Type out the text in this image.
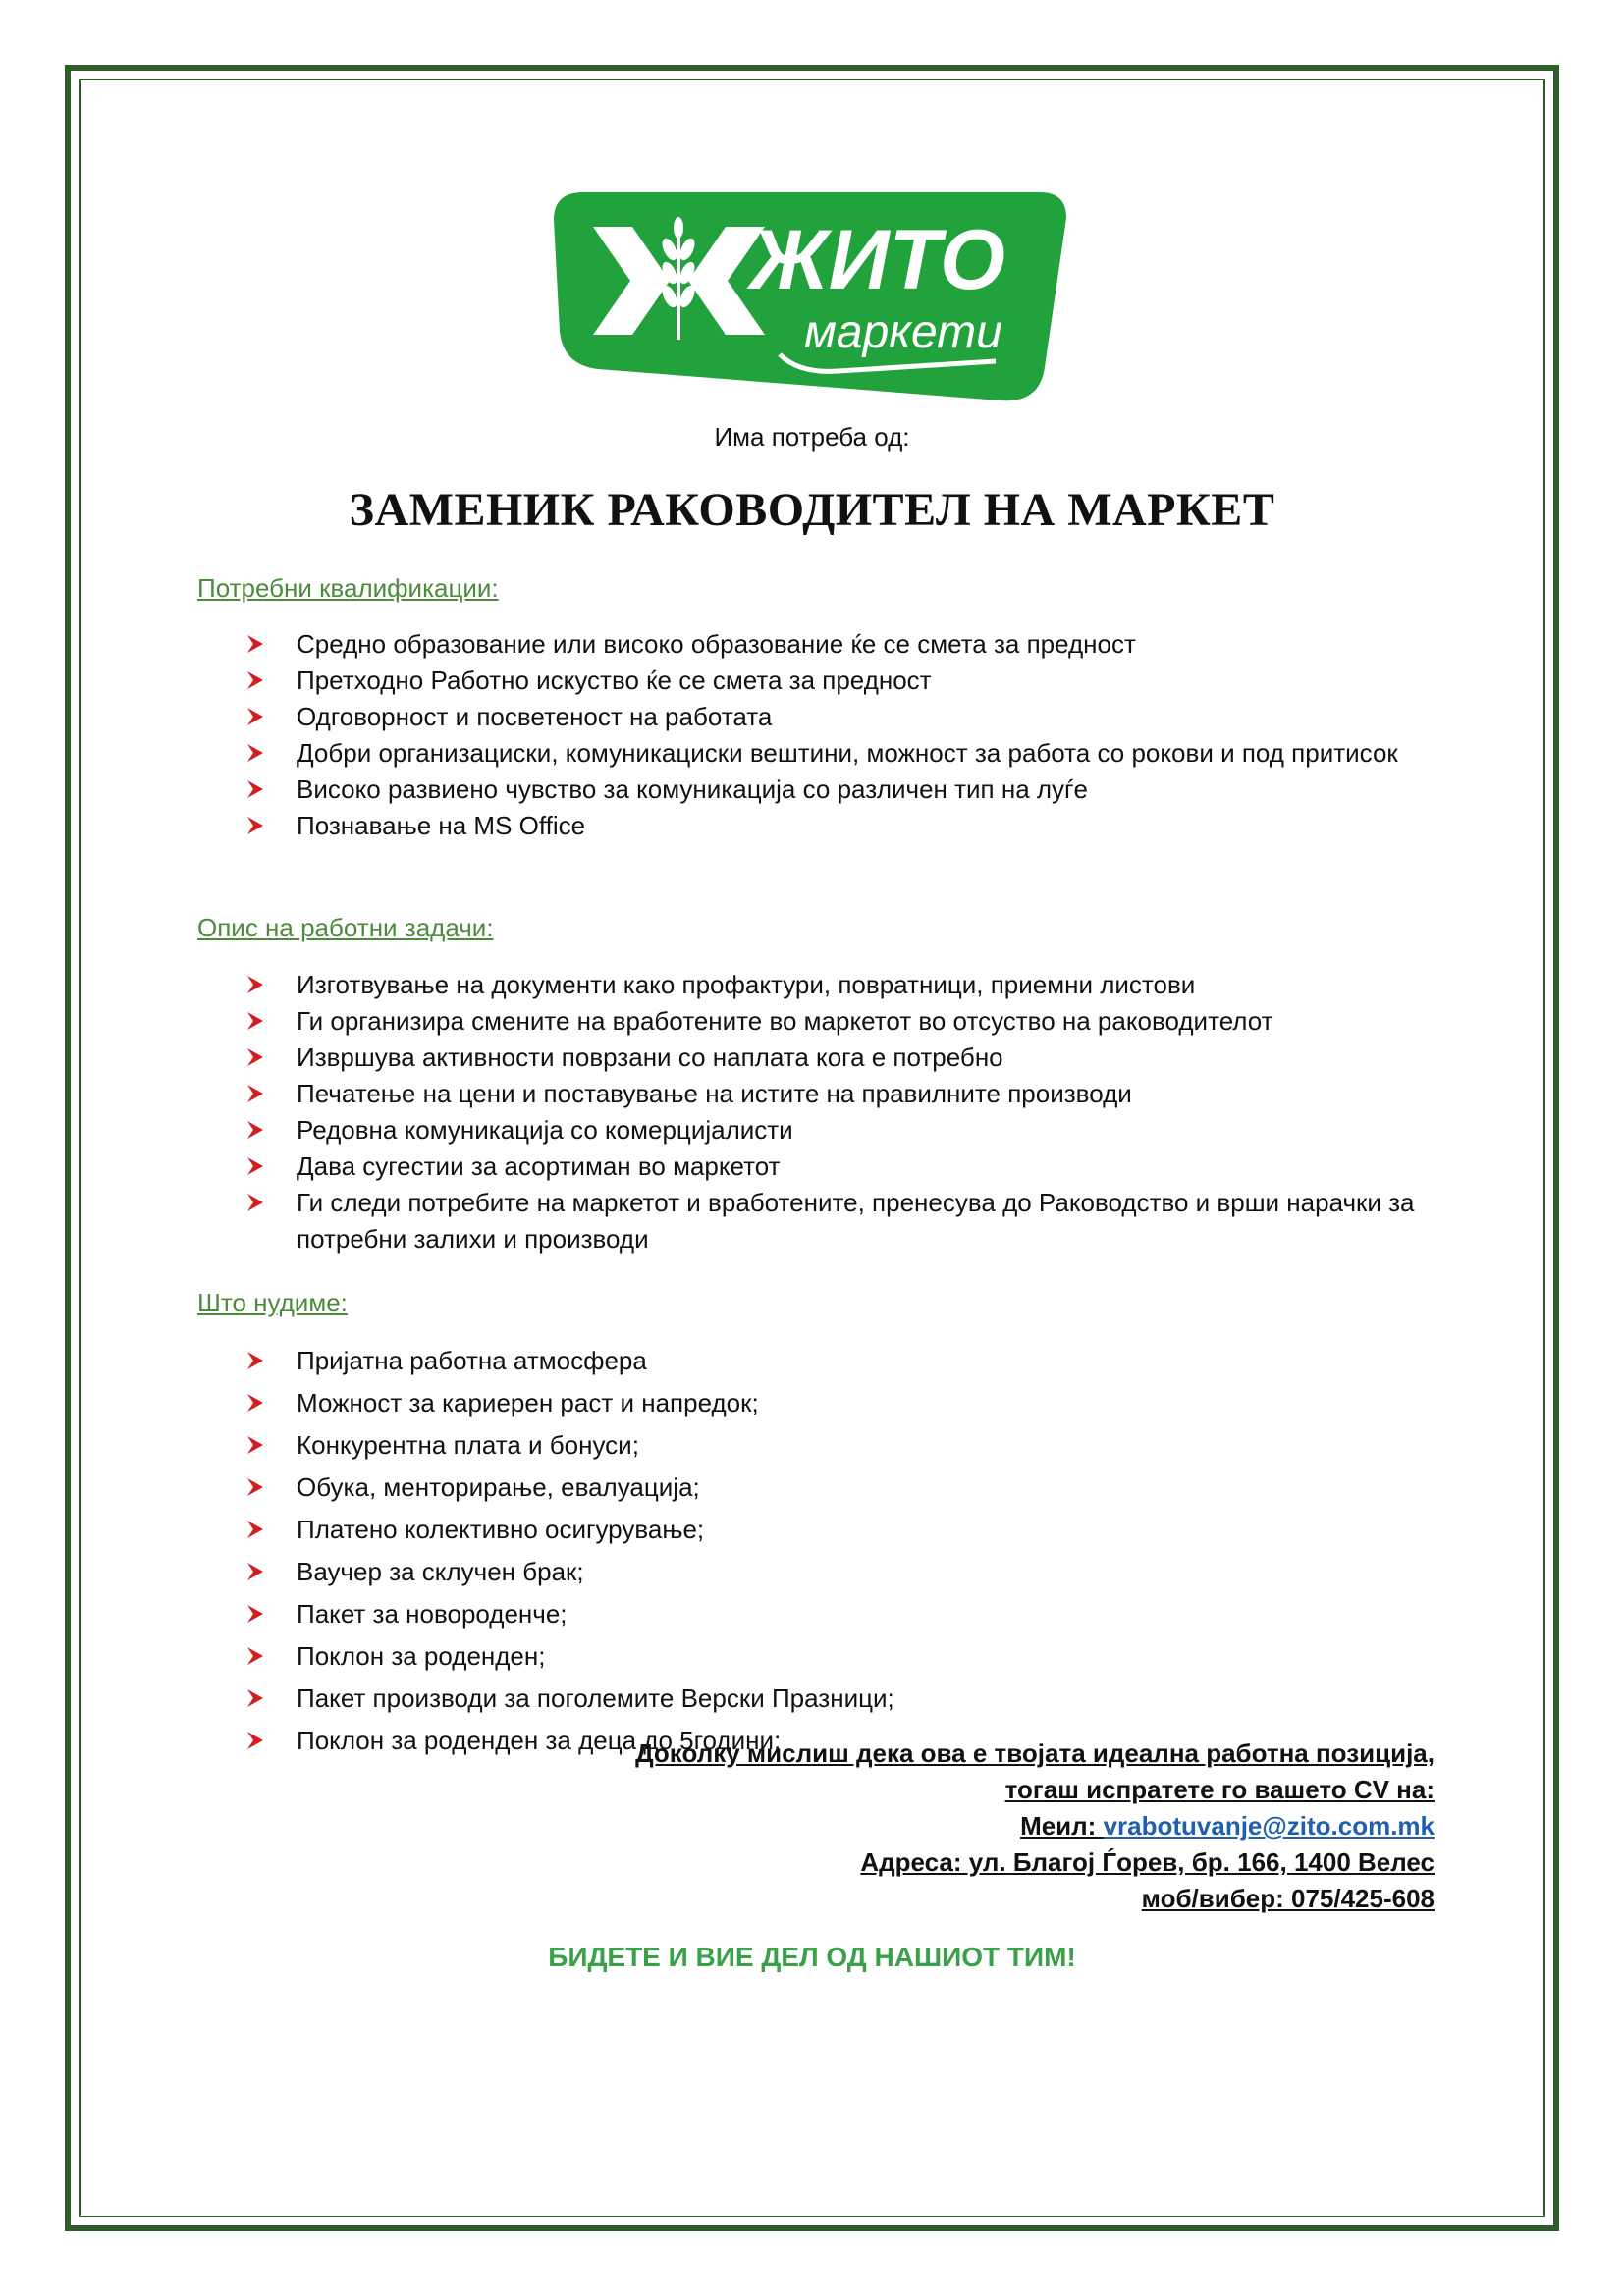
ЖИТО
маркети
Има потреба од:
ЗАМЕНИК РАКОВОДИТЕЛ НА МАРКЕТ
Потребни квалификации:
Средно образование или високо образование ќе се смета за предност
Претходно Работно искуство ќе се смета за предност
Одговорност и посветеност на работата
Добри организациски, комуникациски вештини, можност за работа со рокови и под притисок
Високо развиено чувство за комуникација со различен тип на луѓе
Познавање на MS Office
Опис на работни задачи:
Изготвување на документи како профактури, повратници, приемни листови
Ги организира смените на вработените во маркетот во отсуство на раководителот
Извршува активности поврзани со наплата кога е потребно
Печатење на цени и поставување на истите на правилните производи
Редовна комуникација со комерцијалисти
Дава сугестии за асортиман во маркетот
Ги следи потребите на маркетот и вработените, пренесува до Раководство и врши нарачки за потребни залихи и производи
Што нудиме:
Пријатна работна атмосфера
Можност за кариерен раст и напредок;
Конкурентна плата и бонуси;
Обука, менторирање, евалуација;
Платено колективно осигурување;
Ваучер за склучен брак;
Пакет за новороденче;
Поклон за роденден;
Пакет производи за поголемите Верски Празници;
Поклон за роденден за деца до 5години;
Доколку мислиш дека ова е твојата идеална работна позиција,
тогаш испратете го вашето CV на:
Меил: vrabotuvanje@zito.com.mk
Адреса: ул. Благој Ѓорев, бр. 166, 1400 Велес
моб/вибер: 075/425-608
БИДЕТЕ И ВИЕ ДЕЛ ОД НАШИОТ ТИМ!
